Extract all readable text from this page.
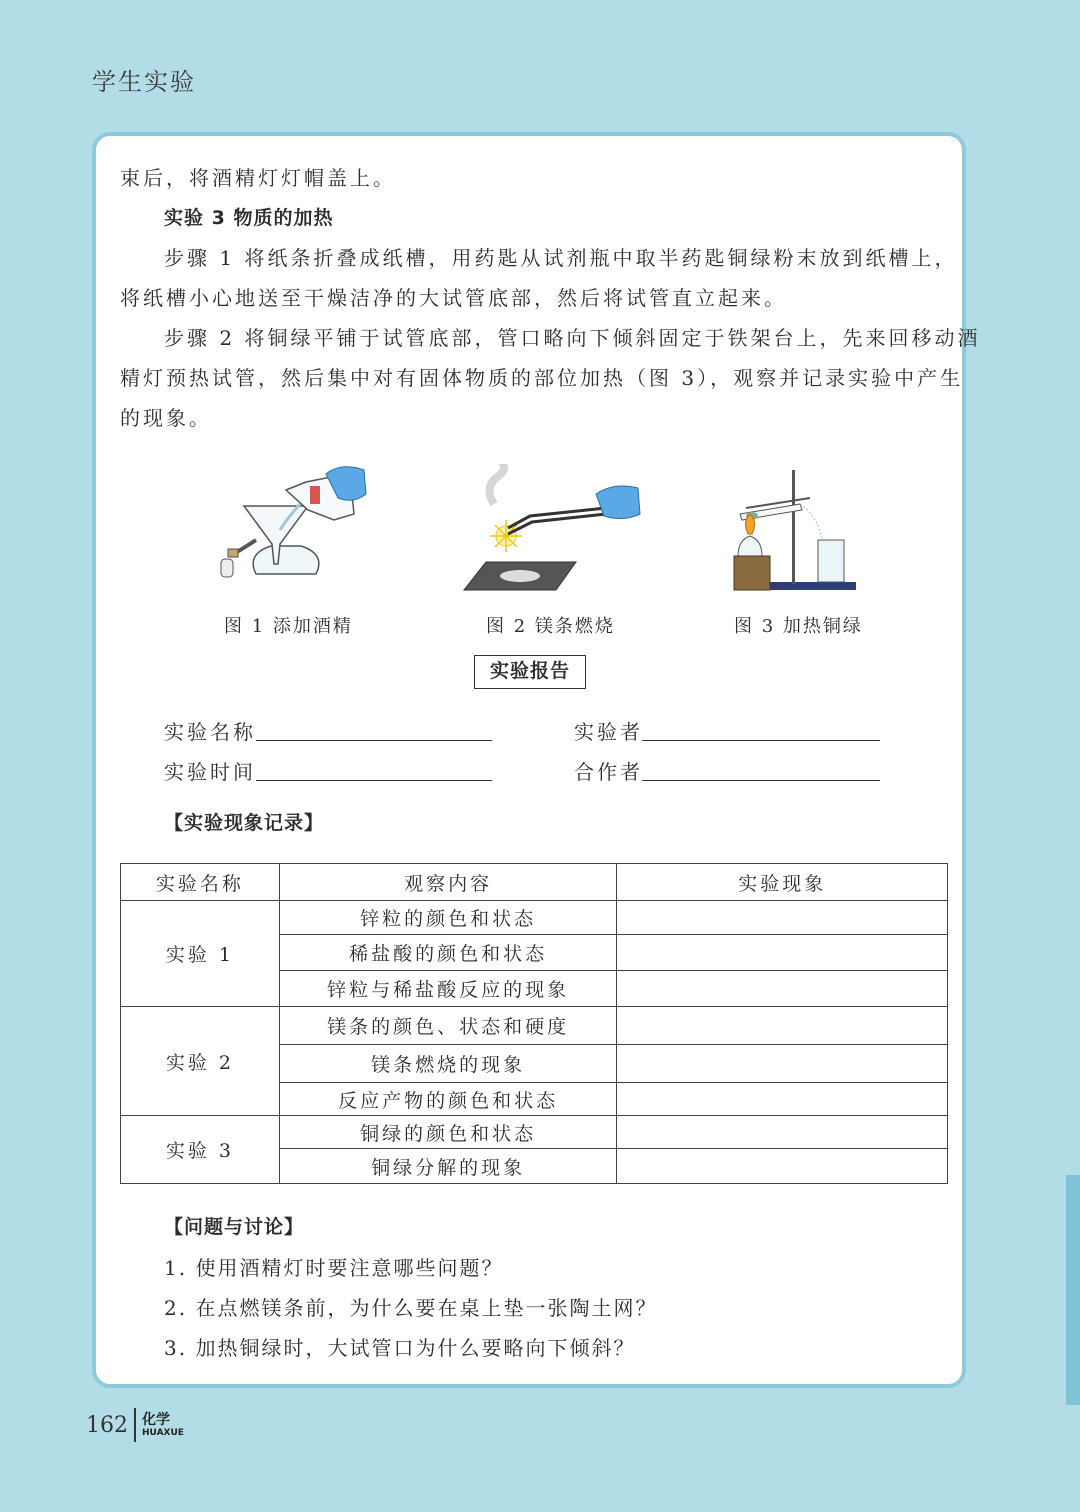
学生实验
束后，将酒精灯灯帽盖上。
实验 3 物质的加热
步骤 1 将纸条折叠成纸槽，用药匙从试剂瓶中取半药匙铜绿粉末放到纸槽上，
将纸槽小心地送至干燥洁净的大试管底部，然后将试管直立起来。
步骤 2 将铜绿平铺于试管底部，管口略向下倾斜固定于铁架台上，先来回移动酒
精灯预热试管，然后集中对有固体物质的部位加热（图 3），观察并记录实验中产生
的现象。
图 1 添加酒精	图 2 镁条燃烧	图 3 加热铜绿
实验报告
实验名称	实验者
实验时间	合作者
【实验现象记录】
实验名称	观察内容	实验现象
实验 1	锌粒的颜色和状态	
	稀盐酸的颜色和状态	
	锌粒与稀盐酸反应的现象	
实验 2	镁条的颜色、状态和硬度	
	镁条燃烧的现象	
	反应产物的颜色和状态	
实验 3	铜绿的颜色和状态	
	铜绿分解的现象	
【问题与讨论】
1. 使用酒精灯时要注意哪些问题？
2. 在点燃镁条前，为什么要在桌上垫一张陶土网？
3. 加热铜绿时，大试管口为什么要略向下倾斜？
162 化学
HUAXUE
